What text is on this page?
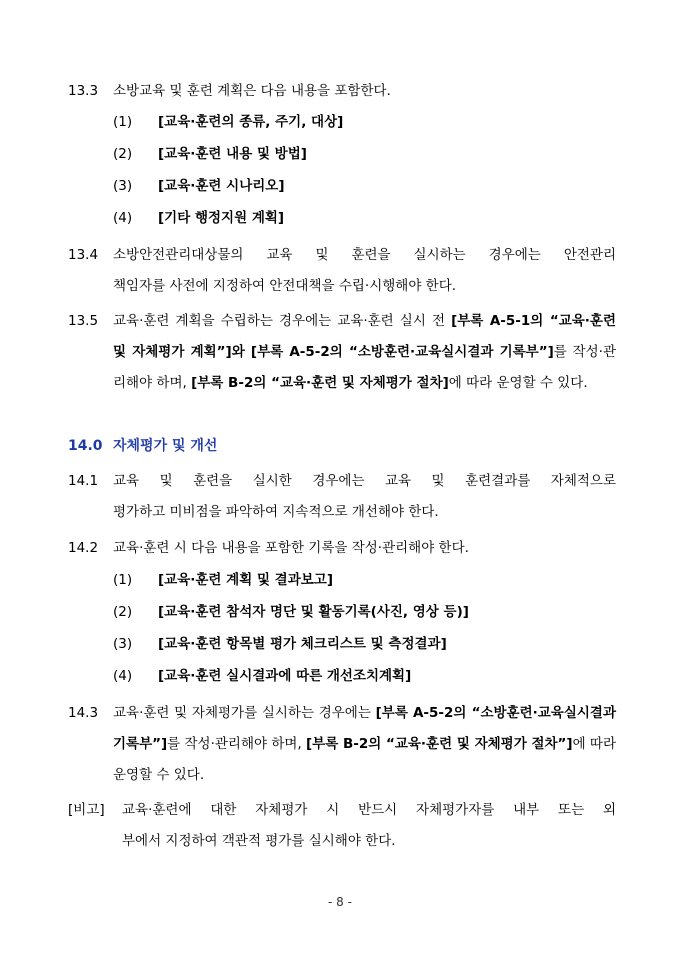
13.3 소방교육 및 훈련 계획은 다음 내용을 포함한다.
(1) [교육·훈련의 종류, 주기, 대상]
(2) [교육·훈련 내용 및 방법]
(3) [교육·훈련 시나리오]
(4) [기타 행정지원 계획]
13.4 소방안전관리대상물의 교육 및 훈련을 실시하는 경우에는 안전관리
책임자를 사전에 지정하여 안전대책을 수립·시행해야 한다.
13.5 교육·훈련 계획을 수립하는 경우에는 교육·훈련 실시 전 [부록 A-5-1의 “교육·훈련 및 자체평가 계획”]와 [부록 A-5-2의 “소방훈련·교육실시결과 기록부”]를 작성·관리해야 하며, [부록 B-2의 “교육·훈련 및 자체평가 절차]에 따라 운영할 수 있다.
14.0 자체평가 및 개선
14.1 교육 및 훈련을 실시한 경우에는 교육 및 훈련결과를 자체적으로
평가하고 미비점을 파악하여 지속적으로 개선해야 한다.
14.2 교육·훈련 시 다음 내용을 포함한 기록을 작성·관리해야 한다.
(1) [교육·훈련 계획 및 결과보고]
(2) [교육·훈련 참석자 명단 및 활동기록(사진, 영상 등)]
(3) [교육·훈련 항목별 평가 체크리스트 및 측정결과]
(4) [교육·훈련 실시결과에 따른 개선조치계획]
14.3 교육·훈련 및 자체평가를 실시하는 경우에는 [부록 A-5-2의 “소방훈련·교육실시결과 기록부”]를 작성·관리해야 하며, [부록 B-2의 “교육·훈련 및 자체평가 절차”]에 따라 운영할 수 있다.
[비고] 교육·훈련에 대한 자체평가 시 반드시 자체평가자를 내부 또는 외
부에서 지정하여 객관적 평가를 실시해야 한다.
- 8 -
